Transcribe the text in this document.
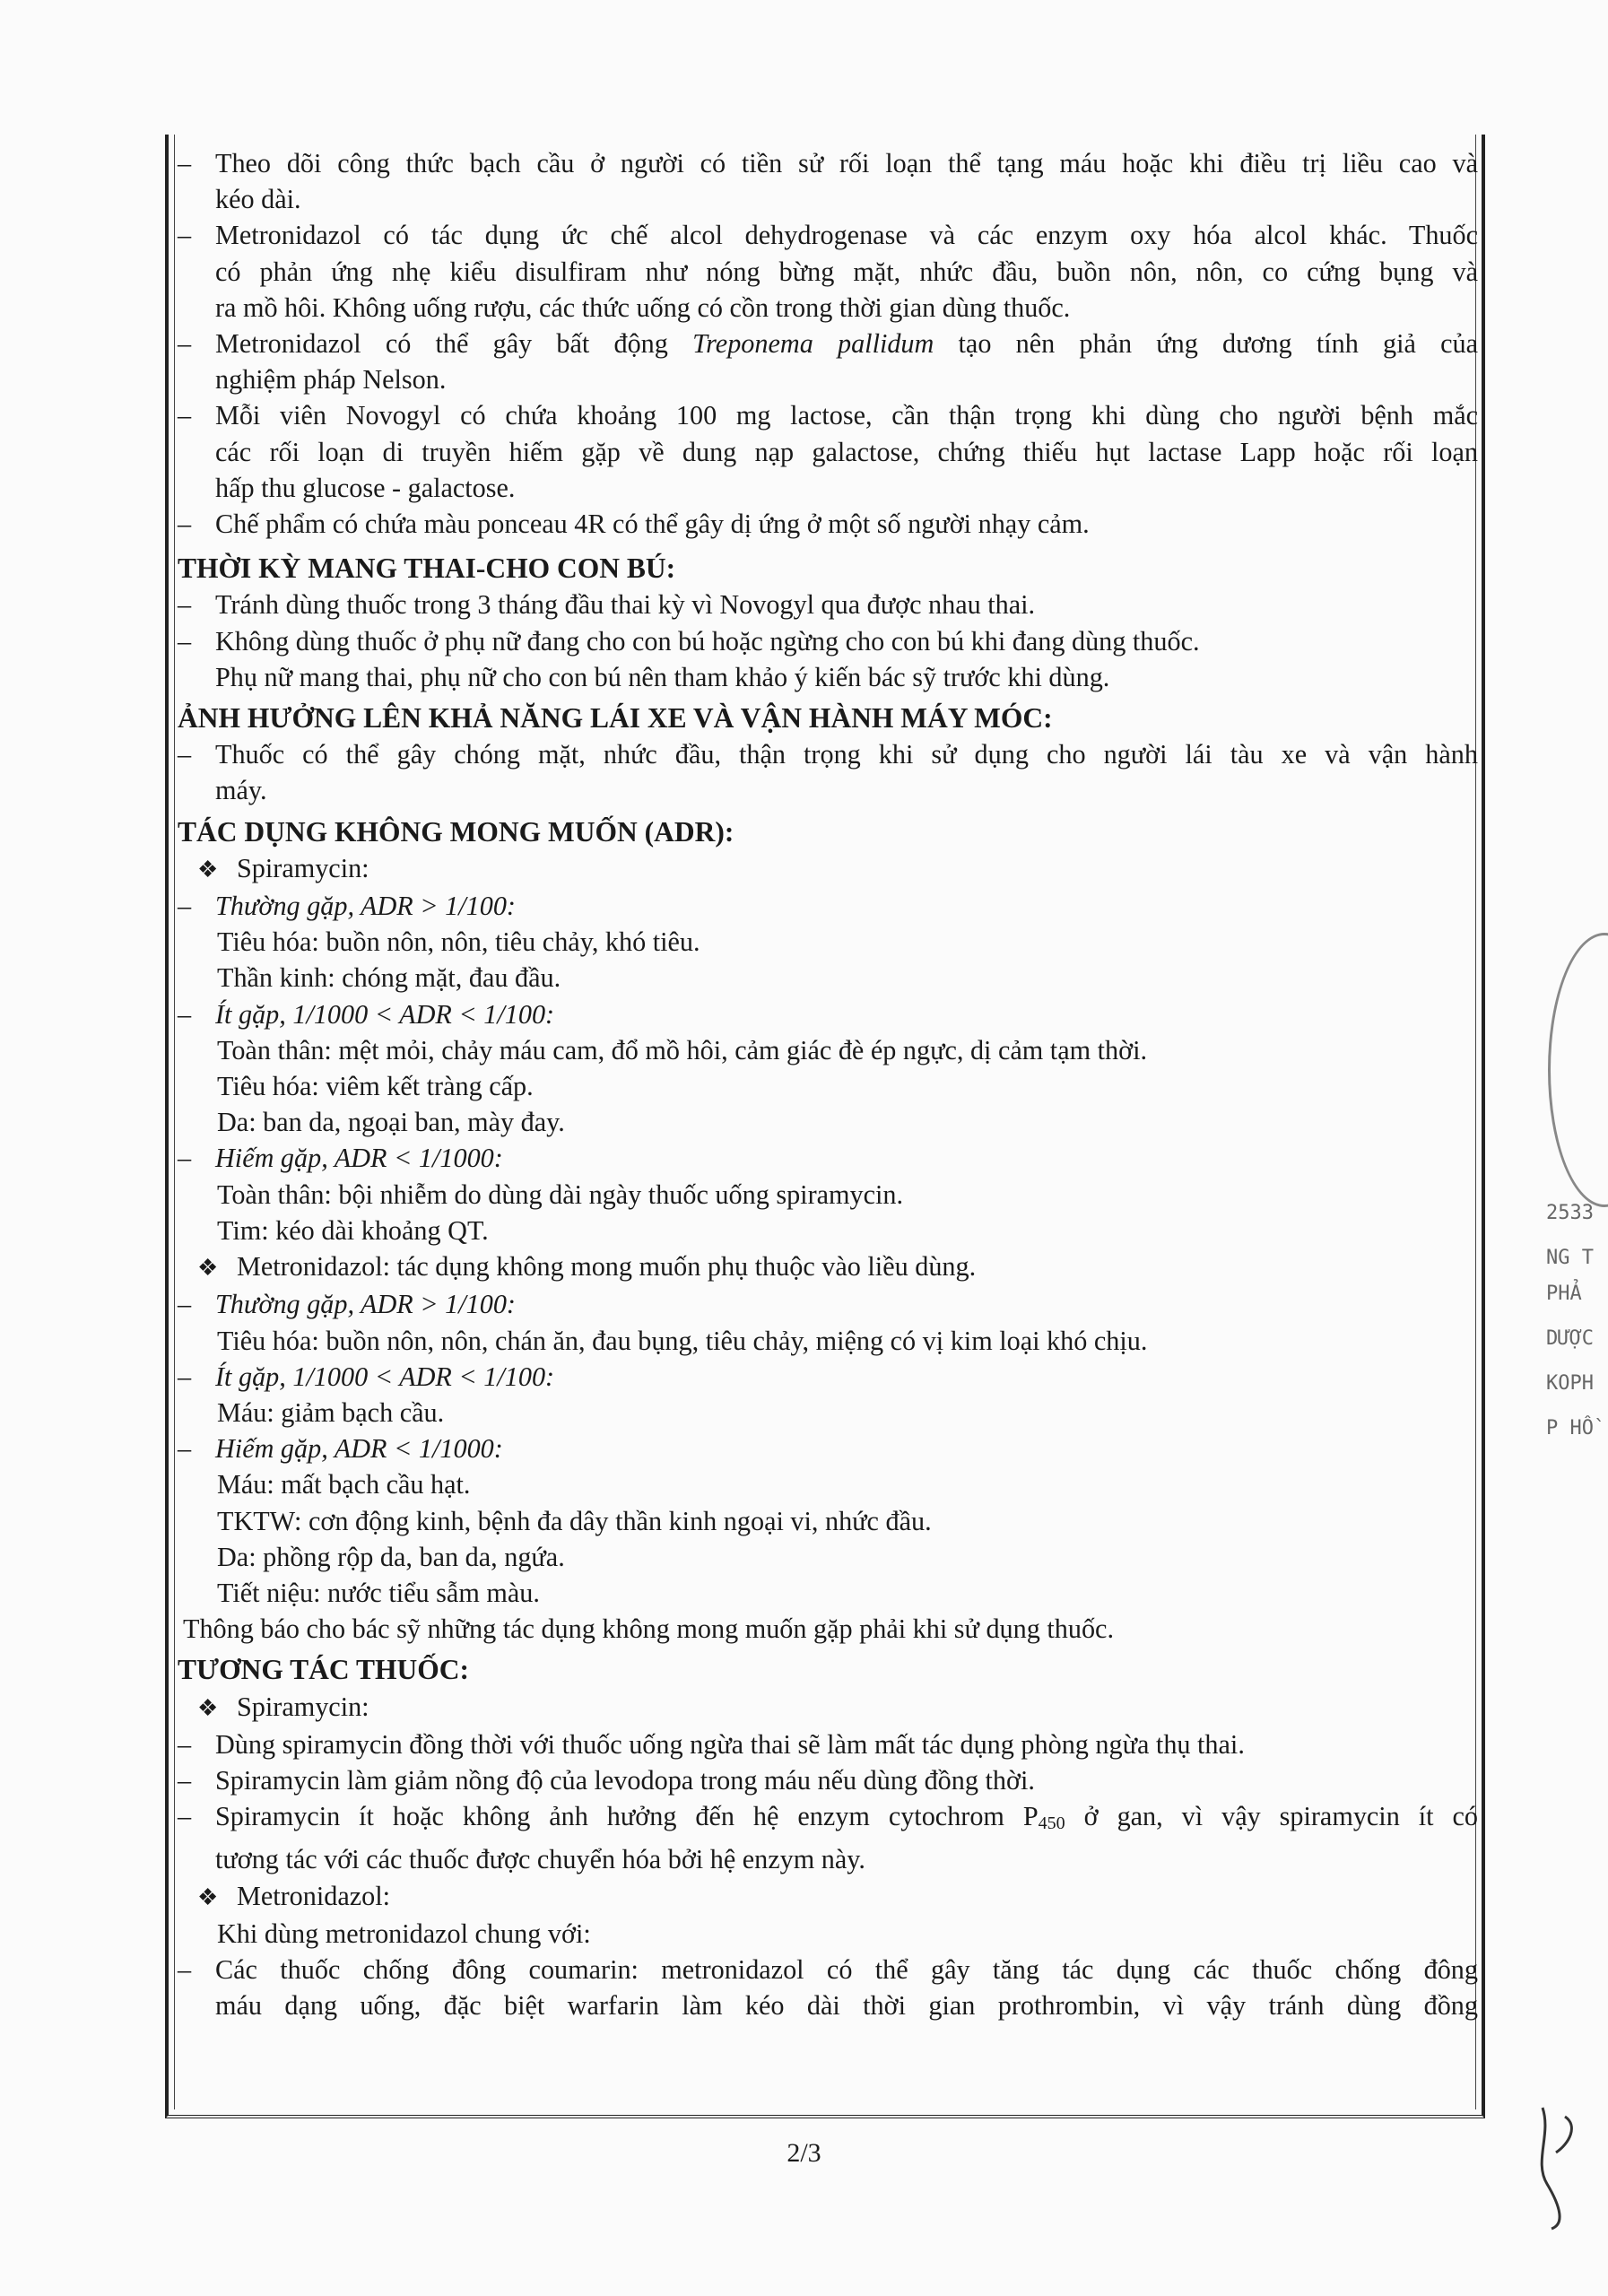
– Theo dõi công thức bạch cầu ở người có tiền sử rối loạn thể tạng máu hoặc khi điều trị liều cao và
kéo dài.
– Metronidazol có tác dụng ức chế alcol dehydrogenase và các enzym oxy hóa alcol khác. Thuốc
có phản ứng nhẹ kiểu disulfiram như nóng bừng mặt, nhức đầu, buồn nôn, nôn, co cứng bụng và
ra mồ hôi. Không uống rượu, các thức uống có cồn trong thời gian dùng thuốc.
– Metronidazol có thể gây bất động Treponema pallidum tạo nên phản ứng dương tính giả của
nghiệm pháp Nelson.
– Mỗi viên Novogyl có chứa khoảng 100 mg lactose, cần thận trọng khi dùng cho người bệnh mắc
các rối loạn di truyền hiếm gặp về dung nạp galactose, chứng thiếu hụt lactase Lapp hoặc rối loạn
hấp thu glucose - galactose.
– Chế phẩm có chứa màu ponceau 4R có thể gây dị ứng ở một số người nhạy cảm.
THỜI KỲ MANG THAI-CHO CON BÚ:
– Tránh dùng thuốc trong 3 tháng đầu thai kỳ vì Novogyl qua được nhau thai.
– Không dùng thuốc ở phụ nữ đang cho con bú hoặc ngừng cho con bú khi đang dùng thuốc.
Phụ nữ mang thai, phụ nữ cho con bú nên tham khảo ý kiến bác sỹ trước khi dùng.
ẢNH HƯỞNG LÊN KHẢ NĂNG LÁI XE VÀ VẬN HÀNH MÁY MÓC:
– Thuốc có thể gây chóng mặt, nhức đầu, thận trọng khi sử dụng cho người lái tàu xe và vận hành
máy.
TÁC DỤNG KHÔNG MONG MUỐN (ADR):
❖ Spiramycin:
– Thường gặp, ADR > 1/100:
Tiêu hóa: buồn nôn, nôn, tiêu chảy, khó tiêu.
Thần kinh: chóng mặt, đau đầu.
– Ít gặp, 1/1000 < ADR < 1/100:
Toàn thân: mệt mỏi, chảy máu cam, đổ mồ hôi, cảm giác đè ép ngực, dị cảm tạm thời.
Tiêu hóa: viêm kết tràng cấp.
Da: ban da, ngoại ban, mày đay.
– Hiếm gặp, ADR < 1/1000:
Toàn thân: bội nhiễm do dùng dài ngày thuốc uống spiramycin.
Tim: kéo dài khoảng QT.
❖ Metronidazol: tác dụng không mong muốn phụ thuộc vào liều dùng.
– Thường gặp, ADR > 1/100:
Tiêu hóa: buồn nôn, nôn, chán ăn, đau bụng, tiêu chảy, miệng có vị kim loại khó chịu.
– Ít gặp, 1/1000 < ADR < 1/100:
Máu: giảm bạch cầu.
– Hiếm gặp, ADR < 1/1000:
Máu: mất bạch cầu hạt.
TKTW: cơn động kinh, bệnh đa dây thần kinh ngoại vi, nhức đầu.
Da: phồng rộp da, ban da, ngứa.
Tiết niệu: nước tiểu sẫm màu.
Thông báo cho bác sỹ những tác dụng không mong muốn gặp phải khi sử dụng thuốc.
TƯƠNG TÁC THUỐC:
❖ Spiramycin:
– Dùng spiramycin đồng thời với thuốc uống ngừa thai sẽ làm mất tác dụng phòng ngừa thụ thai.
– Spiramycin làm giảm nồng độ của levodopa trong máu nếu dùng đồng thời.
– Spiramycin ít hoặc không ảnh hưởng đến hệ enzym cytochrom $P_{450}$ ở gan, vì vậy spiramycin ít có
tương tác với các thuốc được chuyển hóa bởi hệ enzym này.
❖ Metronidazol:
Khi dùng metronidazol chung với:
– Các thuốc chống đông coumarin: metronidazol có thể gây tăng tác dụng các thuốc chống đông
máu dạng uống, đặc biệt warfarin làm kéo dài thời gian prothrombin, vì vậy tránh dùng đồng
2/3
2533
NG T
PHẢ
DƯỢC
KOPH
P HỒ
